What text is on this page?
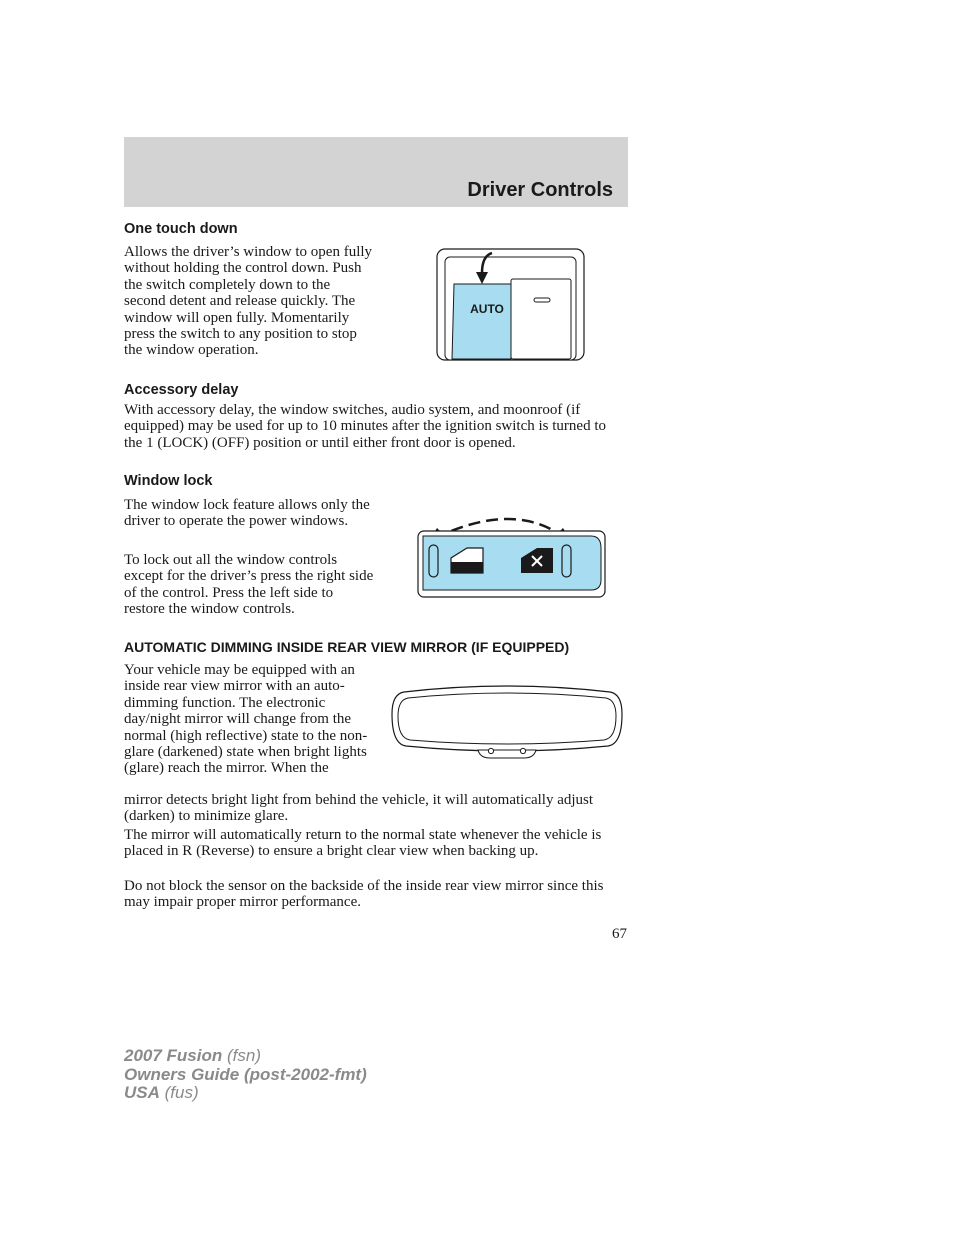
Driver Controls
One touch down

Allows the driver’s window to open fully without holding the control down. Push the switch completely down to the second detent and release quickly. The window will open fully. Momentarily press the switch to any position to stop the window operation.

AUTO
Accessory delay

With accessory delay, the window switches, audio system, and moonroof (if equipped) may be used for up to 10 minutes after the ignition switch is turned to the 1 (LOCK) (OFF) position or until either front door is opened.

Window lock

The window lock feature allows only the driver to operate the power windows.

To lock out all the window controls except for the driver’s press the right side of the control. Press the left side to restore the window controls.

AUTOMATIC DIMMING INSIDE REAR VIEW MIRROR (IF EQUIPPED)

Your vehicle may be equipped with an inside rear view mirror with an auto-dimming function. The electronic day/night mirror will change from the normal (high reflective) state to the non-glare (darkened) state when bright lights (glare) reach the mirror. When the

mirror detects bright light from behind the vehicle, it will automatically adjust (darken) to minimize glare.

The mirror will automatically return to the normal state whenever the vehicle is placed in R (Reverse) to ensure a bright clear view when backing up.

Do not block the sensor on the backside of the inside rear view mirror since this may impair proper mirror performance.

67
2007 Fusion (fsn)
Owners Guide (post-2002-fmt)
USA (fus)
